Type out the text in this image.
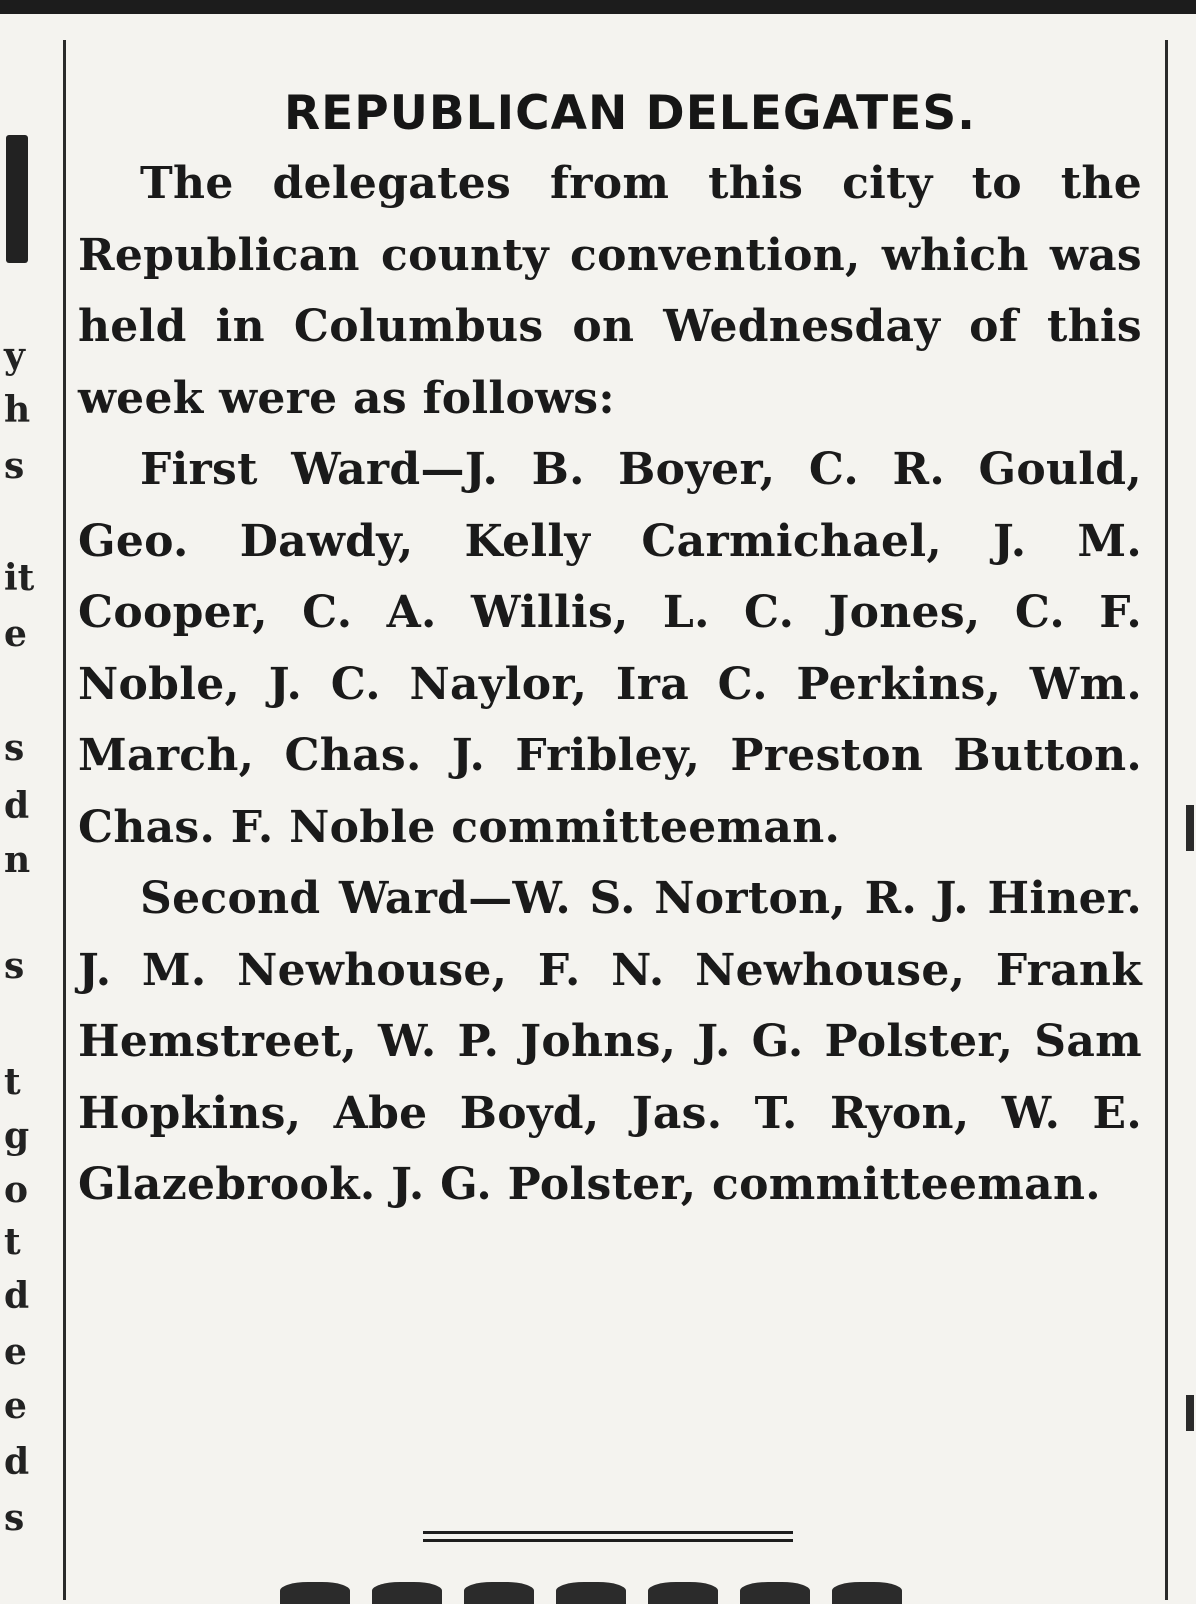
y
h
s
it
e
s
d
n
s
t
g
o
t
d
e
e
d
s
REPUBLICAN DELEGATES.

The delegates from this city to the Republican county convention, which was held in Columbus on Wednesday of this week were as follows:

First Ward—J. B. Boyer, C. R. Gould, Geo. Dawdy, Kelly Carmichael, J. M. Cooper, C. A. Willis, L. C. Jones, C. F. Noble, J. C. Naylor, Ira C. Perkins, Wm. March, Chas. J. Fribley, Preston Button. Chas. F. Noble committeeman.

Second Ward—W. S. Norton, R. J. Hiner. J. M. Newhouse, F. N. Newhouse, Frank Hemstreet, W. P. Johns, J. G. Polster, Sam Hopkins, Abe Boyd, Jas. T. Ryon, W. E. Glazebrook. J. G. Polster, committeeman.
